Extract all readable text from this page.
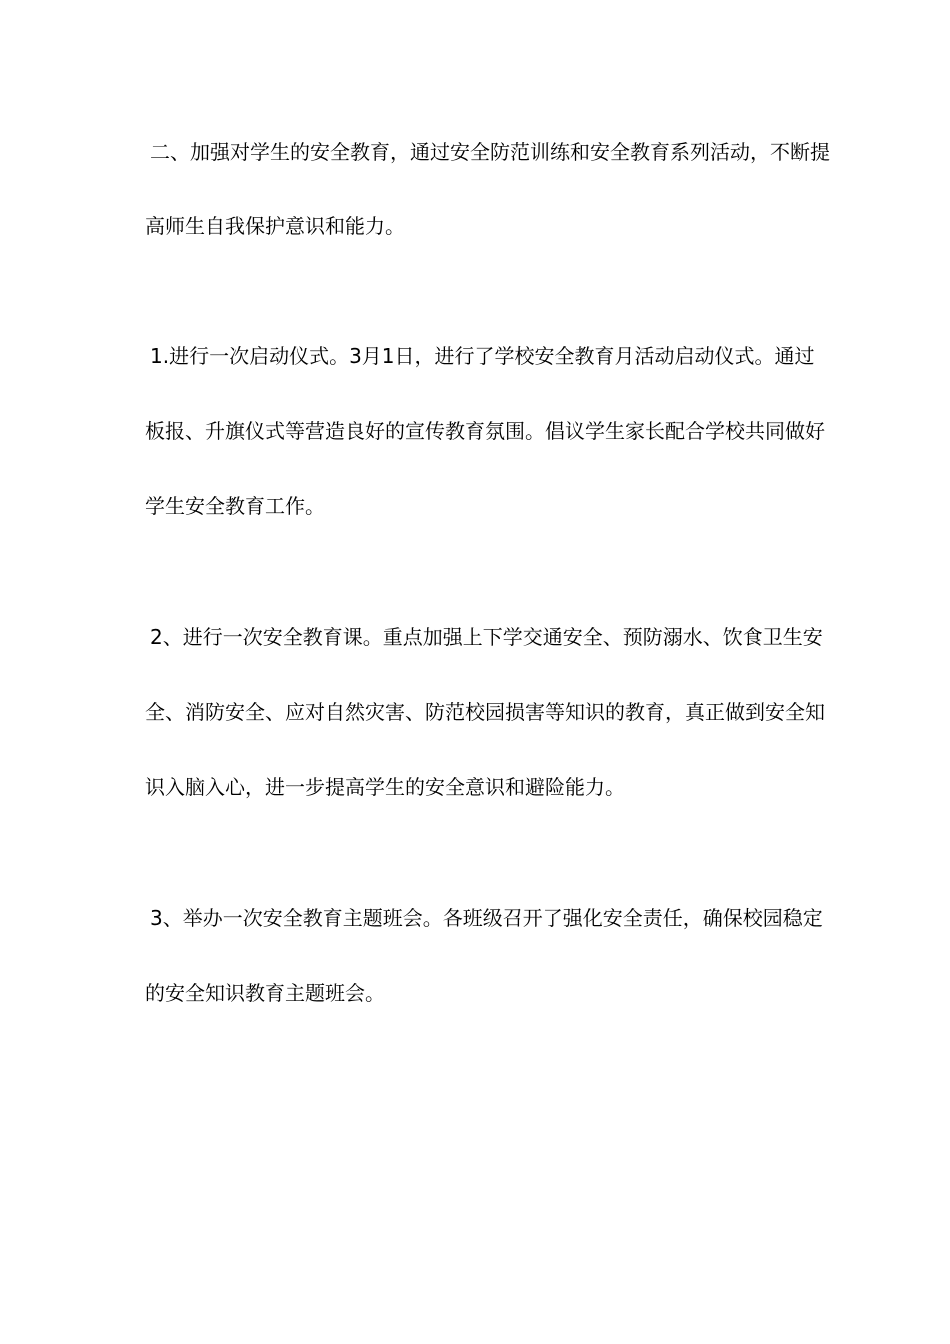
二、加强对学生的安全教育，通过安全防范训练和安全教育系列活动，不断提
高师生自我保护意识和能力。
1.进行一次启动仪式。3月1日，进行了学校安全教育月活动启动仪式。通过
板报、升旗仪式等营造良好的宣传教育氛围。倡议学生家长配合学校共同做好
学生安全教育工作。
2、进行一次安全教育课。重点加强上下学交通安全、预防溺水、饮食卫生安
全、消防安全、应对自然灾害、防范校园损害等知识的教育，真正做到安全知
识入脑入心，进一步提高学生的安全意识和避险能力。
3、举办一次安全教育主题班会。各班级召开了强化安全责任，确保校园稳定
的安全知识教育主题班会。
